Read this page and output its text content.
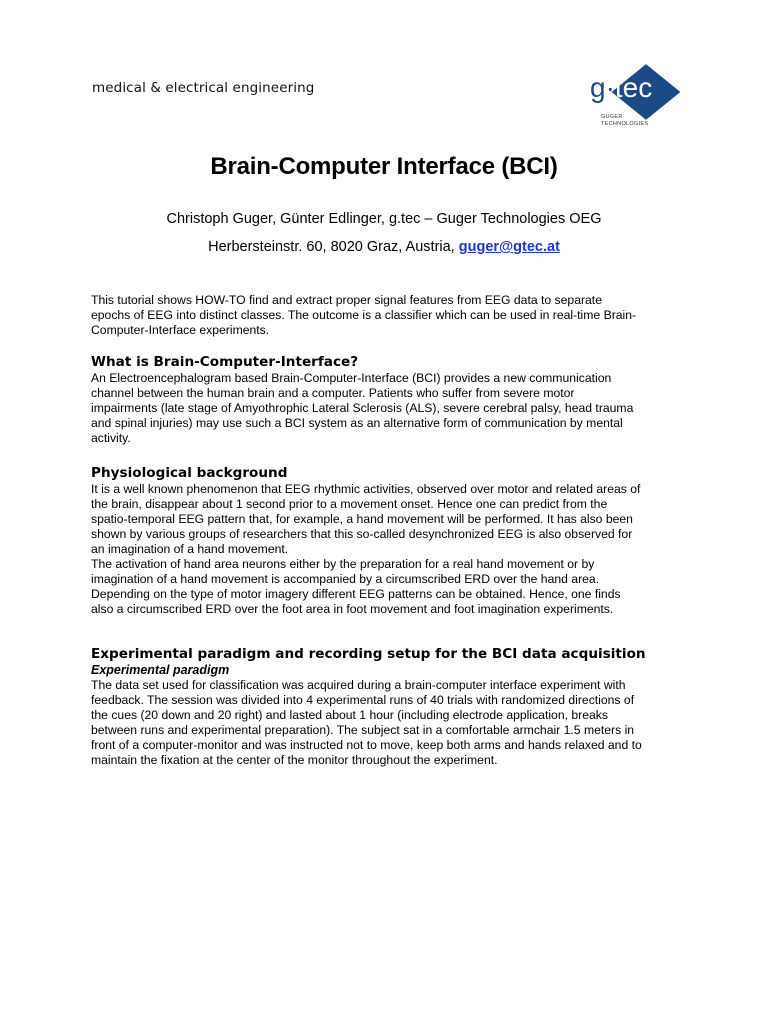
medical & electrical engineering	g·tec
GUGER
TECHNOLOGIES
Brain-Computer Interface (BCI)
Christoph Guger, Günter Edlinger, g.tec – Guger Technologies OEG
Herbersteinstr. 60, 8020 Graz, Austria, guger@gtec.at

This tutorial shows HOW-TO find and extract proper signal features from EEG data to separate

epochs of EEG into distinct classes. The outcome is a classifier which can be used in real-time Brain-

Computer-Interface experiments.

What is Brain-Computer-Interface?

An Electroencephalogram based Brain-Computer-Interface (BCI) provides a new communication

channel between the human brain and a computer. Patients who suffer from severe motor

impairments (late stage of Amyothrophic Lateral Sclerosis (ALS), severe cerebral palsy, head trauma

and spinal injuries) may use such a BCI system as an alternative form of communication by mental

activity.

Physiological background

It is a well known phenomenon that EEG rhythmic activities, observed over motor and related areas of

the brain, disappear about 1 second prior to a movement onset. Hence one can predict from the

spatio-temporal EEG pattern that, for example, a hand movement will be performed. It has also been

shown by various groups of researchers that this so-called desynchronized EEG is also observed for

an imagination of a hand movement.

The activation of hand area neurons either by the preparation for a real hand movement or by

imagination of a hand movement is accompanied by a circumscribed ERD over the hand area.

Depending on the type of motor imagery different EEG patterns can be obtained. Hence, one finds

also a circumscribed ERD over the foot area in foot movement and foot imagination experiments.

Experimental paradigm and recording setup for the BCI data acquisition

Experimental paradigm

The data set used for classification was acquired during a brain-computer interface experiment with

feedback. The session was divided into 4 experimental runs of 40 trials with randomized directions of

the cues (20 down and 20 right) and lasted about 1 hour (including electrode application, breaks

between runs and experimental preparation). The subject sat in a comfortable armchair 1.5 meters in

front of a computer-monitor and was instructed not to move, keep both arms and hands relaxed and to

maintain the fixation at the center of the monitor throughout the experiment.
